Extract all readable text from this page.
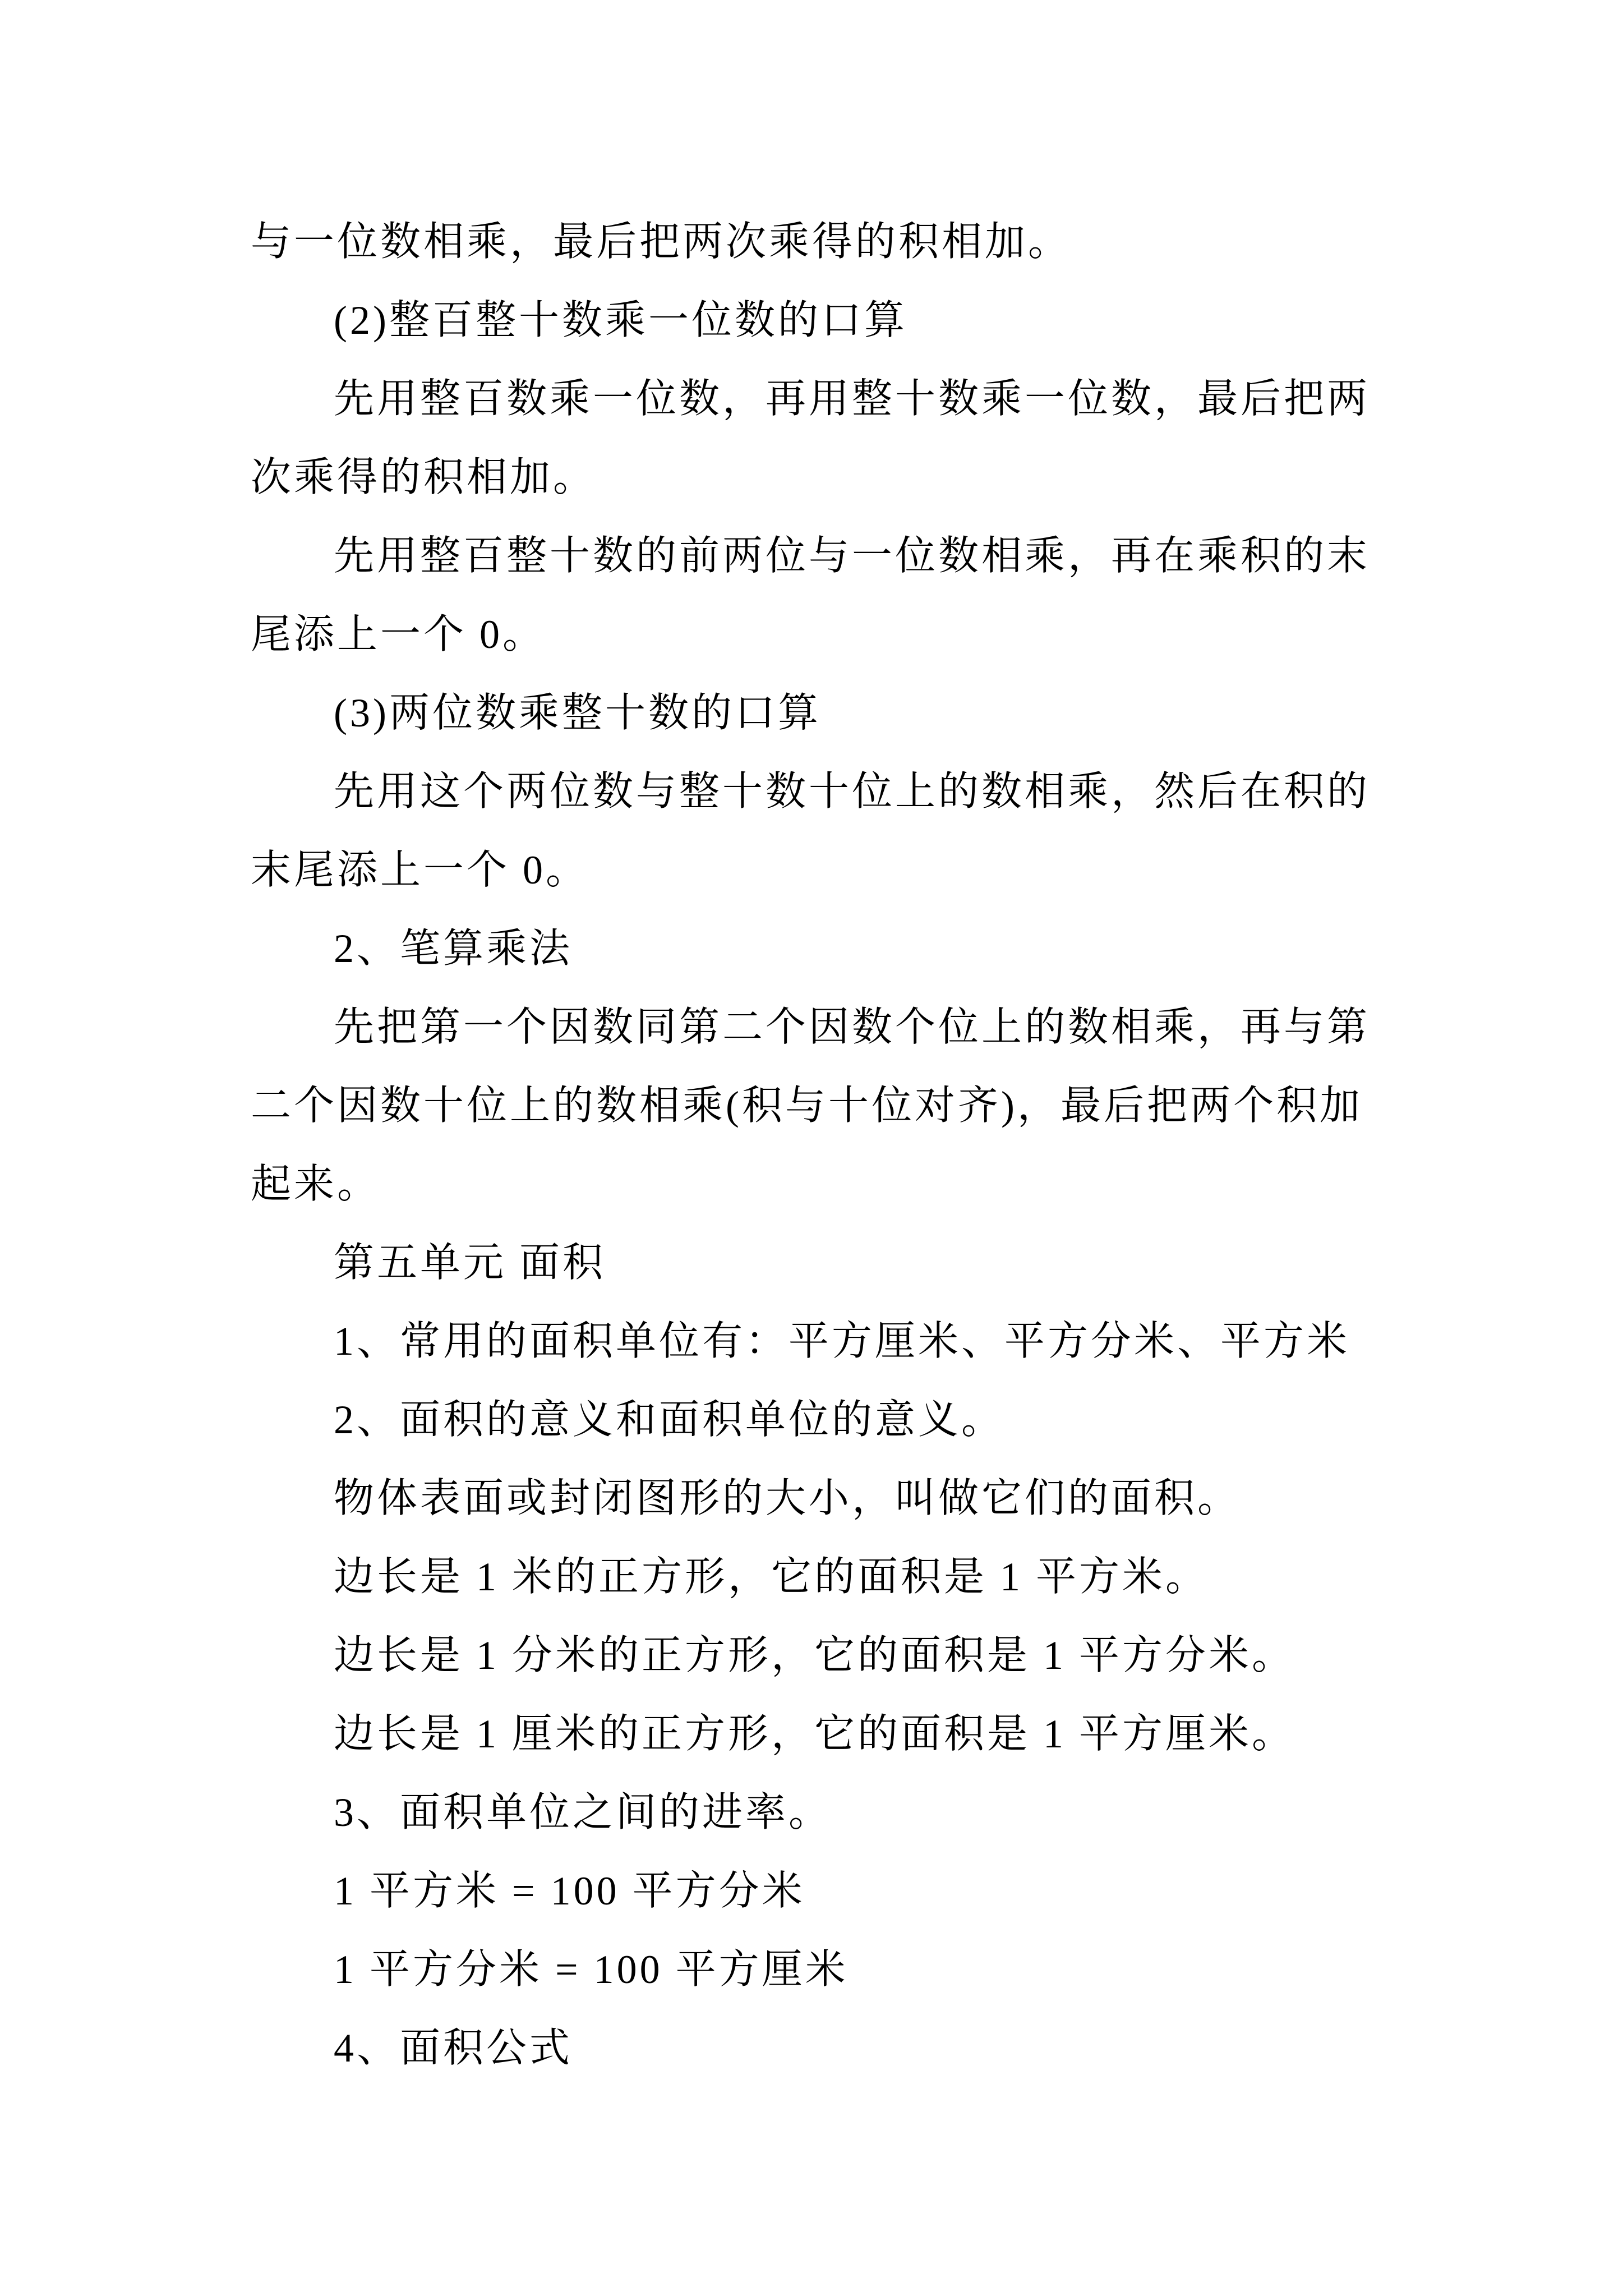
与一位数相乘，最后把两次乘得的积相加。
(2)整百整十数乘一位数的口算
先用整百数乘一位数，再用整十数乘一位数，最后把两
次乘得的积相加。
先用整百整十数的前两位与一位数相乘，再在乘积的末
尾添上一个 0。
(3)两位数乘整十数的口算
先用这个两位数与整十数十位上的数相乘，然后在积的
末尾添上一个 0。
2、笔算乘法
先把第一个因数同第二个因数个位上的数相乘，再与第
二个因数十位上的数相乘(积与十位对齐)，最后把两个积加
起来。
第五单元 面积
1、常用的面积单位有：平方厘米、平方分米、平方米
2、面积的意义和面积单位的意义。
物体表面或封闭图形的大小，叫做它们的面积。
边长是 1 米的正方形，它的面积是 1 平方米。
边长是 1 分米的正方形，它的面积是 1 平方分米。
边长是 1 厘米的正方形，它的面积是 1 平方厘米。
3、面积单位之间的进率。
1 平方米 = 100 平方分米
1 平方分米 = 100 平方厘米
4、面积公式
